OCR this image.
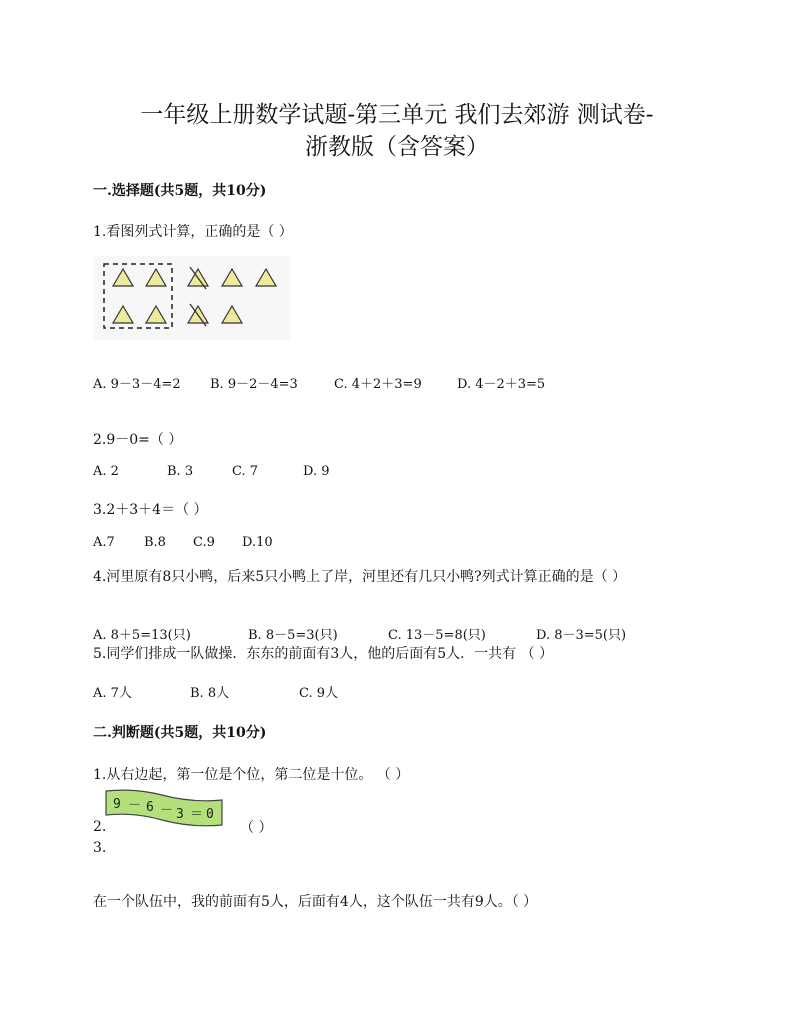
一年级上册数学试题-第三单元 我们去郊游 测试卷-
浙教版（含答案）
一.选择题(共5题，共10分)
1.看图列式计算，正确的是（ ）
A. 9－3－4=2 B. 9－2－4=3	C. 4＋2＋3=9	D. 4－2＋3=5
2.9－0=（ ）
A. 2	B. 3	C. 7	D. 9
3.2＋3＋4＝（ ）
A.7 B.8 C.9 D.10
4.河里原有8只小鸭，后来5只小鸭上了岸，河里还有几只小鸭?列式计算正确的是（ ）
A. 8＋5=13(只)	B. 8－5=3(只)	C. 13－5=8(只)	D. 8－3=5(只)
5.同学们排成一队做操．东东的前面有3人，他的后面有5人．一共有 （ ）
A. 7人	B. 8人	C. 9人
二.判断题(共5题，共10分)
1.从右边起，第一位是个位，第二位是十位。 （ ）
9 － 6 － 3 ＝ 0
2.	（ ）
3.
在一个队伍中，我的前面有5人，后面有4人，这个队伍一共有9人。（ ）
